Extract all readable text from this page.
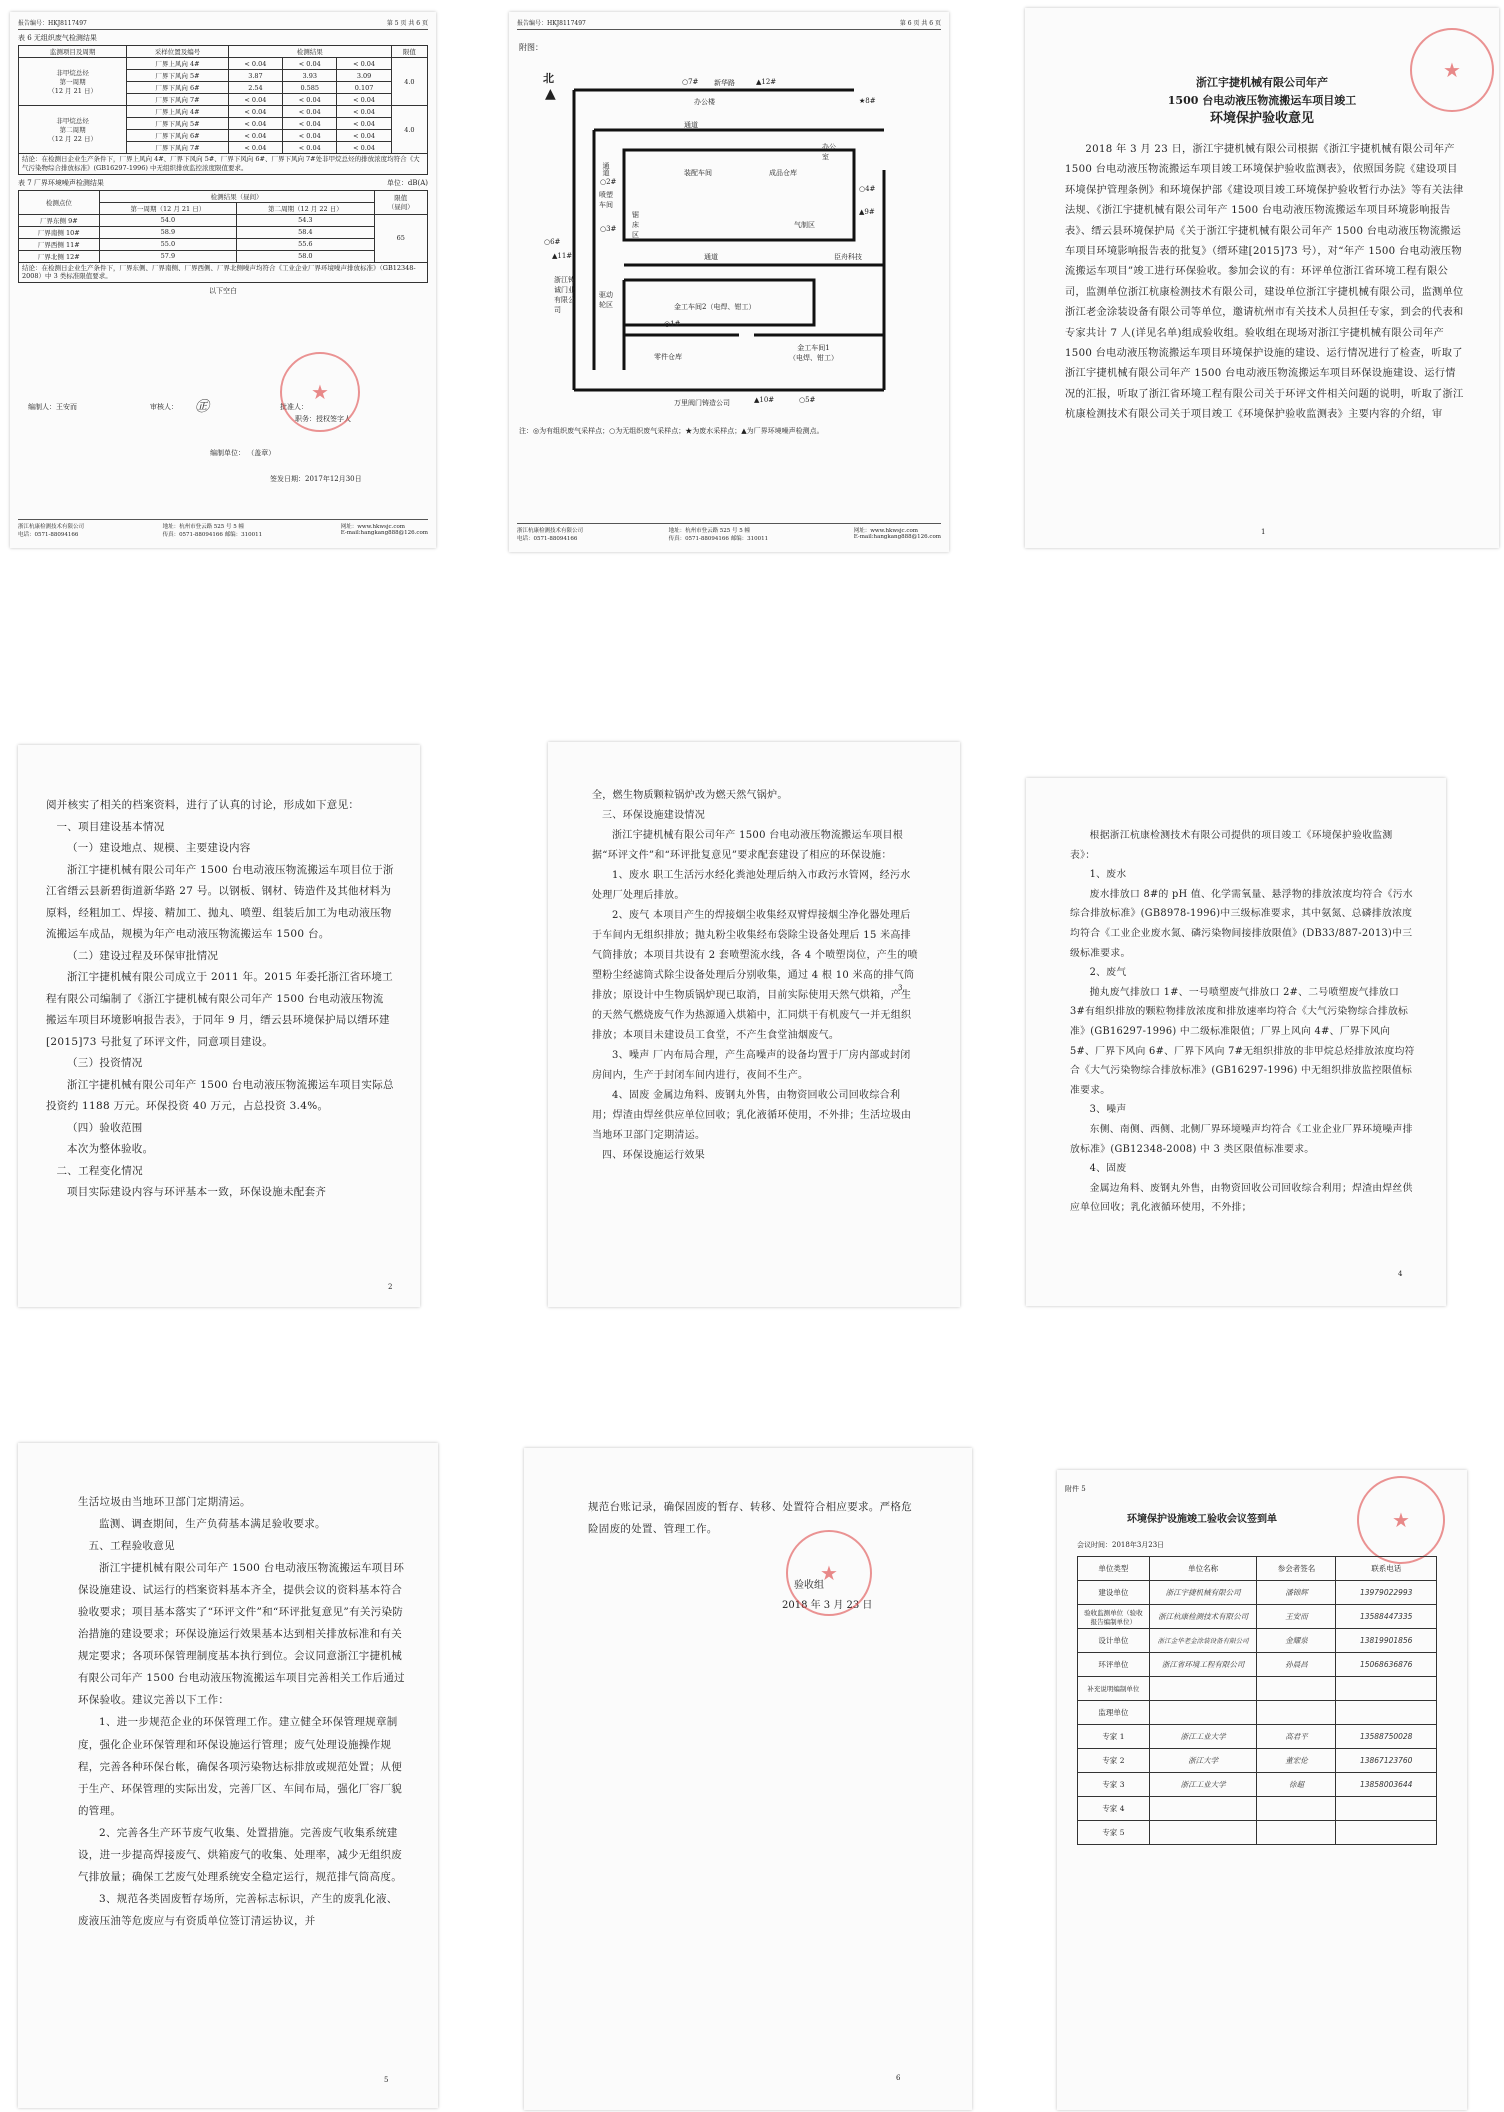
报告编号：HKJ8117497	第 5 页 共 6 页
表 6 无组织废气检测结果
监测项目及周期	采样位置及编号	检测结果			限值
非甲烷总烃
第一周期
（12 月 21 日）	厂界上风向 4#	< 0.04	< 0.04	< 0.04	4.0
	厂界下风向 5#	3.87	3.93	3.09	
	厂界下风向 6#	2.54	0.585	0.107	
	厂界下风向 7#	< 0.04	< 0.04	< 0.04	
非甲烷总烃
第二周期
（12 月 22 日）	厂界上风向 4#	< 0.04	< 0.04	< 0.04	4.0
	厂界下风向 5#	< 0.04	< 0.04	< 0.04	
	厂界下风向 6#	< 0.04	< 0.04	< 0.04	
	厂界下风向 7#	< 0.04	< 0.04	< 0.04	
结论：在检测日企业生产条件下，厂界上风向 4#、厂界下风向 5#、厂界下风向 6#、厂界下风向 7#处非甲烷总烃的排放浓度均符合《大气污染物综合排放标准》(GB16297-1996) 中无组织排放监控浓度限值要求。
表 7 厂界环境噪声检测结果	单位：dB(A)
检测点位	检测结果（昼间）		限值
（昼间）
	第一周期（12 月 21 日）	第二周期（12 月 22 日）	
厂界东侧 9#	54.0	54.3	65
厂界南侧 10#	58.9	58.4	
厂界西侧 11#	55.0	55.6	
厂界北侧 12#	57.9	58.0	
结论：在检测日企业生产条件下，厂界东侧、厂界南侧、厂界西侧、厂界北侧噪声均符合《工业企业厂界环境噪声排放标准》（GB12348-2008）中 3 类标准限值要求。
以下空白
编制人：王安而	审核人： ㊣	批准人：
职务：授权签字人
编制单位： （盖章）
签发日期：2017年12月30日
★
浙江杭康检测技术有限公司
电话：0571-88094166
地址：杭州市登云路 525 号 5 幢
传真：0571-88094166 邮编：310011
网址：www.hkwsjc.com
E-mail:hangkang888@126.com
报告编号：HKJ8117497	第 6 页 共 6 页
附图：
北
▲	办公楼
通道
通道
喷塑
车间
装配车间	成品仓库
办公
室
锯
床
区
气制区
通道	臣舟科技
浙江铸
诚门业
有限公
司
驱动
轮区	金工车间2（电焊、钳工）
零件仓库
金工车间1
（电焊、钳工）
万里阀门铸造公司
新华路
○7#	▲12#
★8#
○4#
▲9#
○2#
○3#
○6#
▲11#
◎1#
▲10#	○5#
注：◎为有组织废气采样点；○为无组织废气采样点；★为废水采样点；▲为厂界环境噪声检测点。
浙江杭康检测技术有限公司
电话：0571-88094166
地址：杭州市登云路 525 号 5 幢
传真：0571-88094166 邮编：310011
网址：www.hkwsjc.com
E-mail:hangkang888@126.com
浙江宇捷机械有限公司年产
1500 台电动液压物流搬运车项目竣工
环境保护验收意见

2018 年 3 月 23 日，浙江宇捷机械有限公司根据《浙江宇捷机械有限公司年产 1500 台电动液压物流搬运车项目竣工环境保护验收监测表》，依照国务院《建设项目环境保护管理条例》和环境保护部《建设项目竣工环境保护验收暂行办法》等有关法律法规、《浙江宇捷机械有限公司年产 1500 台电动液压物流搬运车项目环境影响报告表》、缙云县环境保护局《关于浙江宇捷机械有限公司年产 1500 台电动液压物流搬运车项目环境影响报告表的批复》（缙环建[2015]73 号），对“年产 1500 台电动液压物流搬运车项目”竣工进行环保验收。参加会议的有：环评单位浙江省环境工程有限公司，监测单位浙江杭康检测技术有限公司，建设单位浙江宇捷机械有限公司，监测单位浙江老金涂装设备有限公司等单位，邀请杭州市有关技术人员担任专家，到会的代表和专家共计 7 人(详见名单)组成验收组。验收组在现场对浙江宇捷机械有限公司年产 1500 台电动液压物流搬运车项目环境保护设施的建设、运行情况进行了检查，听取了浙江宇捷机械有限公司年产 1500 台电动液压物流搬运车项目环保设施建设、运行情况的汇报，听取了浙江省环境工程有限公司关于环评文件相关问题的说明，听取了浙江杭康检测技术有限公司关于项目竣工《环境保护验收监测表》主要内容的介绍，审

1
★

阅并核实了相关的档案资料，进行了认真的讨论，形成如下意见：

一、项目建设基本情况

（一）建设地点、规模、主要建设内容

浙江宇捷机械有限公司年产 1500 台电动液压物流搬运车项目位于浙江省缙云县新碧街道新华路 27 号。以钢板、钢材、铸造件及其他材料为原料，经粗加工、焊接、精加工、抛丸、喷塑、组装后加工为电动液压物流搬运车成品，规模为年产电动液压物流搬运车 1500 台。

（二）建设过程及环保审批情况

浙江宇捷机械有限公司成立于 2011 年。2015 年委托浙江省环境工程有限公司编制了《浙江宇捷机械有限公司年产 1500 台电动液压物流搬运车项目环境影响报告表》，于同年 9 月，缙云县环境保护局以缙环建[2015]73 号批复了环评文件，同意项目建设。

（三）投资情况

浙江宇捷机械有限公司年产 1500 台电动液压物流搬运车项目实际总投资约 1188 万元。环保投资 40 万元，占总投资 3.4%。

（四）验收范围

本次为整体验收。

二、工程变化情况

项目实际建设内容与环评基本一致，环保设施未配套齐

2

全，燃生物质颗粒锅炉改为燃天然气锅炉。

三、环保设施建设情况

浙江宇捷机械有限公司年产 1500 台电动液压物流搬运车项目根据“环评文件”和“环评批复意见”要求配套建设了相应的环保设施：

1、废水 职工生活污水经化粪池处理后纳入市政污水管网，经污水处理厂处理后排放。

2、废气 本项目产生的焊接烟尘收集经双臂焊接烟尘净化器处理后于车间内无组织排放；抛丸粉尘收集经布袋除尘设备处理后 15 米高排气筒排放；本项目共设有 2 套喷塑流水线，各 4 个喷塑岗位，产生的喷塑粉尘经滤筒式除尘设备处理后分别收集，通过 4 根 10 米高的排气筒排放；原设计中生物质锅炉现已取消，目前实际使用天然气烘箱，产生的天然气燃烧废气作为热源通入烘箱中，汇同烘干有机废气一并无组织排放；本项目未建设员工食堂，不产生食堂油烟废气。

3、噪声 厂内布局合理，产生高噪声的设备均置于厂房内部或封闭房间内，生产于封闭车间内进行，夜间不生产。

4、固废 金属边角料、废钢丸外售，由物资回收公司回收综合利用；焊渣由焊丝供应单位回收；乳化液循环使用，不外排；生活垃圾由当地环卫部门定期清运。

四、环保设施运行效果

3

根据浙江杭康检测技术有限公司提供的项目竣工《环境保护验收监测表》：

1、废水

废水排放口 8#的 pH 值、化学需氧量、悬浮物的排放浓度均符合《污水综合排放标准》(GB8978-1996)中三级标准要求，其中氨氮、总磷排放浓度均符合《工业企业废水氮、磷污染物间接排放限值》(DB33/887-2013)中三级标准要求。

2、废气

抛丸废气排放口 1#、一号喷塑废气排放口 2#、二号喷塑废气排放口 3#有组织排放的颗粒物排放浓度和排放速率均符合《大气污染物综合排放标准》(GB16297-1996) 中二级标准限值；厂界上风向 4#、厂界下风向 5#、厂界下风向 6#、厂界下风向 7#无组织排放的非甲烷总烃排放浓度均符合《大气污染物综合排放标准》(GB16297-1996) 中无组织排放监控限值标准要求。

3、噪声

东侧、南侧、西侧、北侧厂界环境噪声均符合《工业企业厂界环境噪声排放标准》(GB12348-2008) 中 3 类区限值标准要求。

4、固废

金属边角料、废钢丸外售，由物资回收公司回收综合利用；焊渣由焊丝供应单位回收；乳化液循环使用，不外排；

4

生活垃圾由当地环卫部门定期清运。

监测、调查期间，生产负荷基本满足验收要求。

五、工程验收意见

浙江宇捷机械有限公司年产 1500 台电动液压物流搬运车项目环保设施建设、试运行的档案资料基本齐全，提供会议的资料基本符合验收要求；项目基本落实了“环评文件”和“环评批复意见”有关污染防治措施的建设要求；环保设施运行效果基本达到相关排放标准和有关规定要求；各项环保管理制度基本执行到位。会议同意浙江宇捷机械有限公司年产 1500 台电动液压物流搬运车项目完善相关工作后通过环保验收。建议完善以下工作：

1、进一步规范企业的环保管理工作。建立健全环保管理规章制度，强化企业环保管理和环保设施运行管理；废气处理设施操作规程，完善各种环保台帐，确保各项污染物达标排放或规范处置；从便于生产、环保管理的实际出发，完善厂区、车间布局，强化厂容厂貌的管理。

2、完善各生产环节废气收集、处置措施。完善废气收集系统建设，进一步提高焊接废气、烘箱废气的收集、处理率，减少无组织废气排放量；确保工艺废气处理系统安全稳定运行，规范排气筒高度。

3、规范各类固废暂存场所，完善标志标识，产生的废乳化液、废液压油等危废应与有资质单位签订清运协议，并

5

规范台账记录，确保固废的暂存、转移、处置符合相应要求。严格危险固废的处置、管理工作。

验收组
2018 年 3 月 23 日
★
6
附件 5
环境保护设施竣工验收会议签到单
会议时间：2018年3月23日
★
单位类型	单位名称	参会者签名	联系电话
建设单位	浙江宇捷机械有限公司	潘锦辉	13979022993
验收监测单位（验收报告编制单位）	浙江杭康检测技术有限公司	王安而	13588447335
设计单位	浙江金华老金涂装设备有限公司	金耀泉	13819901856
环评单位	浙江省环境工程有限公司	孙晨昌	15068636876
补充说明编制单位			
监理单位			
专家 1	浙江工业大学	高君平	13588750028
专家 2	浙江大学	董宏伦	13867123760
专家 3	浙江工业大学	徐超	13858003644
专家 4			
专家 5			
